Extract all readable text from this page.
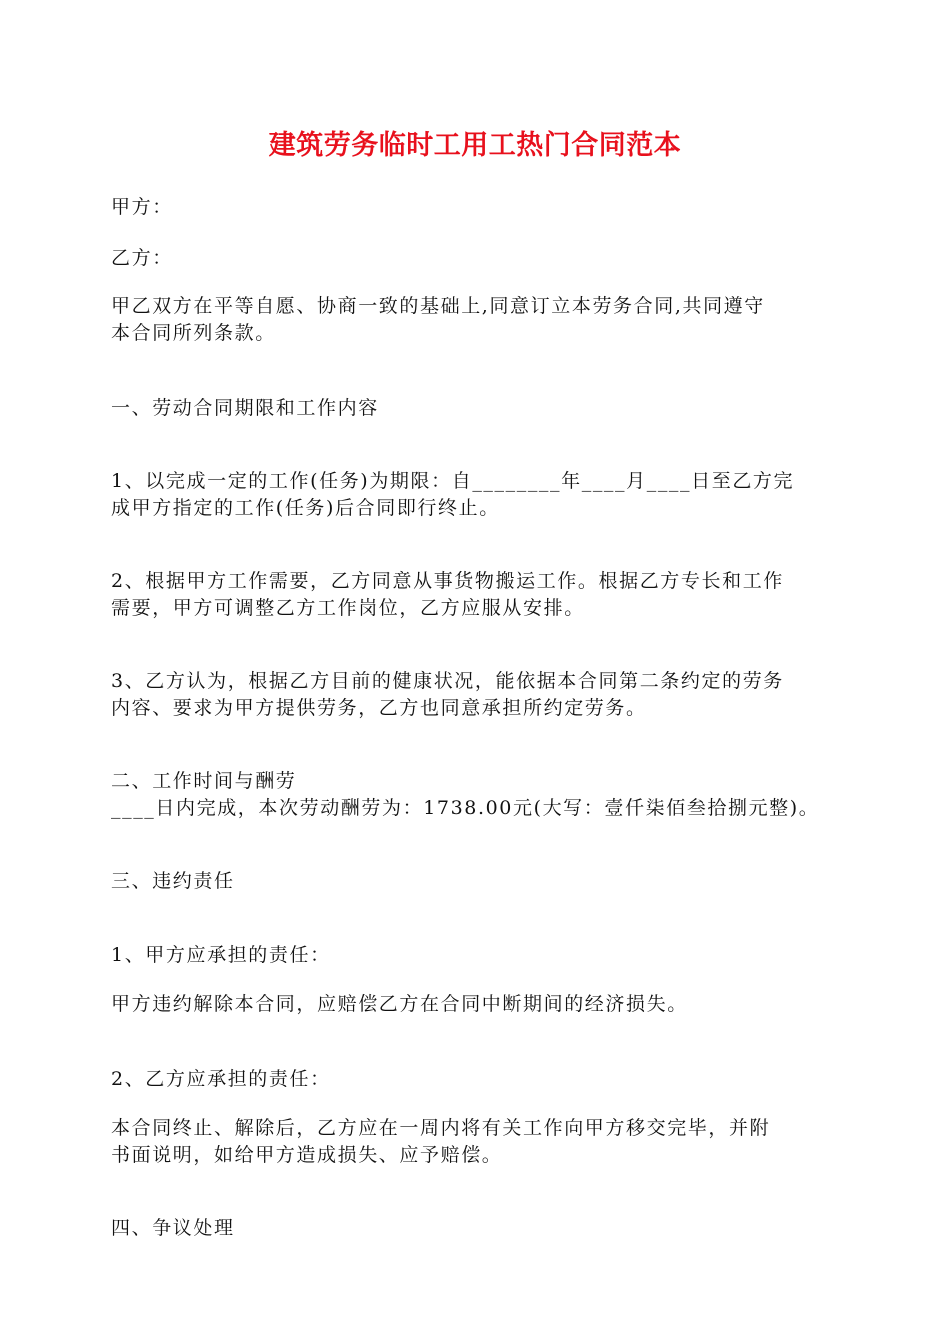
建筑劳务临时工用工热门合同范本

甲方：

乙方：

甲乙双方在平等自愿、协商一致的基础上,同意订立本劳务合同,共同遵守

本合同所列条款。

一、劳动合同期限和工作内容

1、以完成一定的工作(任务)为期限：自________年____月____日至乙方完

成甲方指定的工作(任务)后合同即行终止。

2、根据甲方工作需要，乙方同意从事货物搬运工作。根据乙方专长和工作

需要，甲方可调整乙方工作岗位，乙方应服从安排。

3、乙方认为，根据乙方目前的健康状况，能依据本合同第二条约定的劳务

内容、要求为甲方提供劳务，乙方也同意承担所约定劳务。

二、工作时间与酬劳

____日内完成，本次劳动酬劳为：1738.00元(大写：壹仟柒佰叁拾捌元整)。

三、违约责任

1、甲方应承担的责任：

甲方违约解除本合同，应赔偿乙方在合同中断期间的经济损失。

2、乙方应承担的责任：

本合同终止、解除后，乙方应在一周内将有关工作向甲方移交完毕，并附

书面说明，如给甲方造成损失、应予赔偿。

四、争议处理
